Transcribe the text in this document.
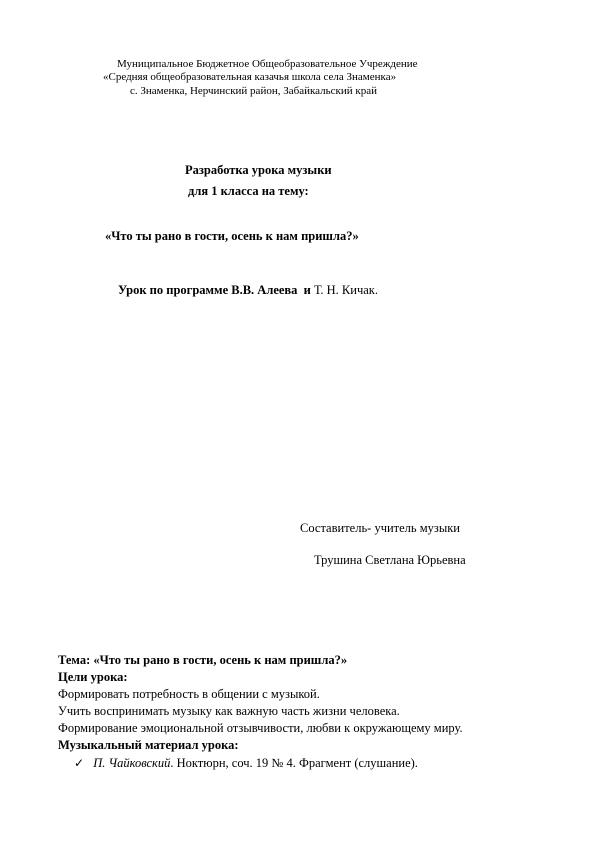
Муниципальное Бюджетное Общеобразовательное Учреждение
«Средняя общеобразовательная казачья школа села Знаменка»
с. Знаменка, Нерчинский район, Забайкальский край
Разработка урока музыки
для 1 класса на тему:
«Что ты рано в гости, осень к нам пришла?»
Урок по программе В.В. Алеева  и Т. Н. Кичак.
Составитель- учитель музыки
Трушина Светлана Юрьевна
Тема: «Что ты рано в гости, осень к нам пришла?»
Цели урока:
Формировать потребность в общении с музыкой.
Учить воспринимать музыку как важную часть жизни человека.
Формирование эмоциональной отзывчивости, любви к окружающему миру.
Музыкальный материал урока:
✓ П. Чайковский. Ноктюрн, соч. 19 № 4. Фрагмент (слушание).
